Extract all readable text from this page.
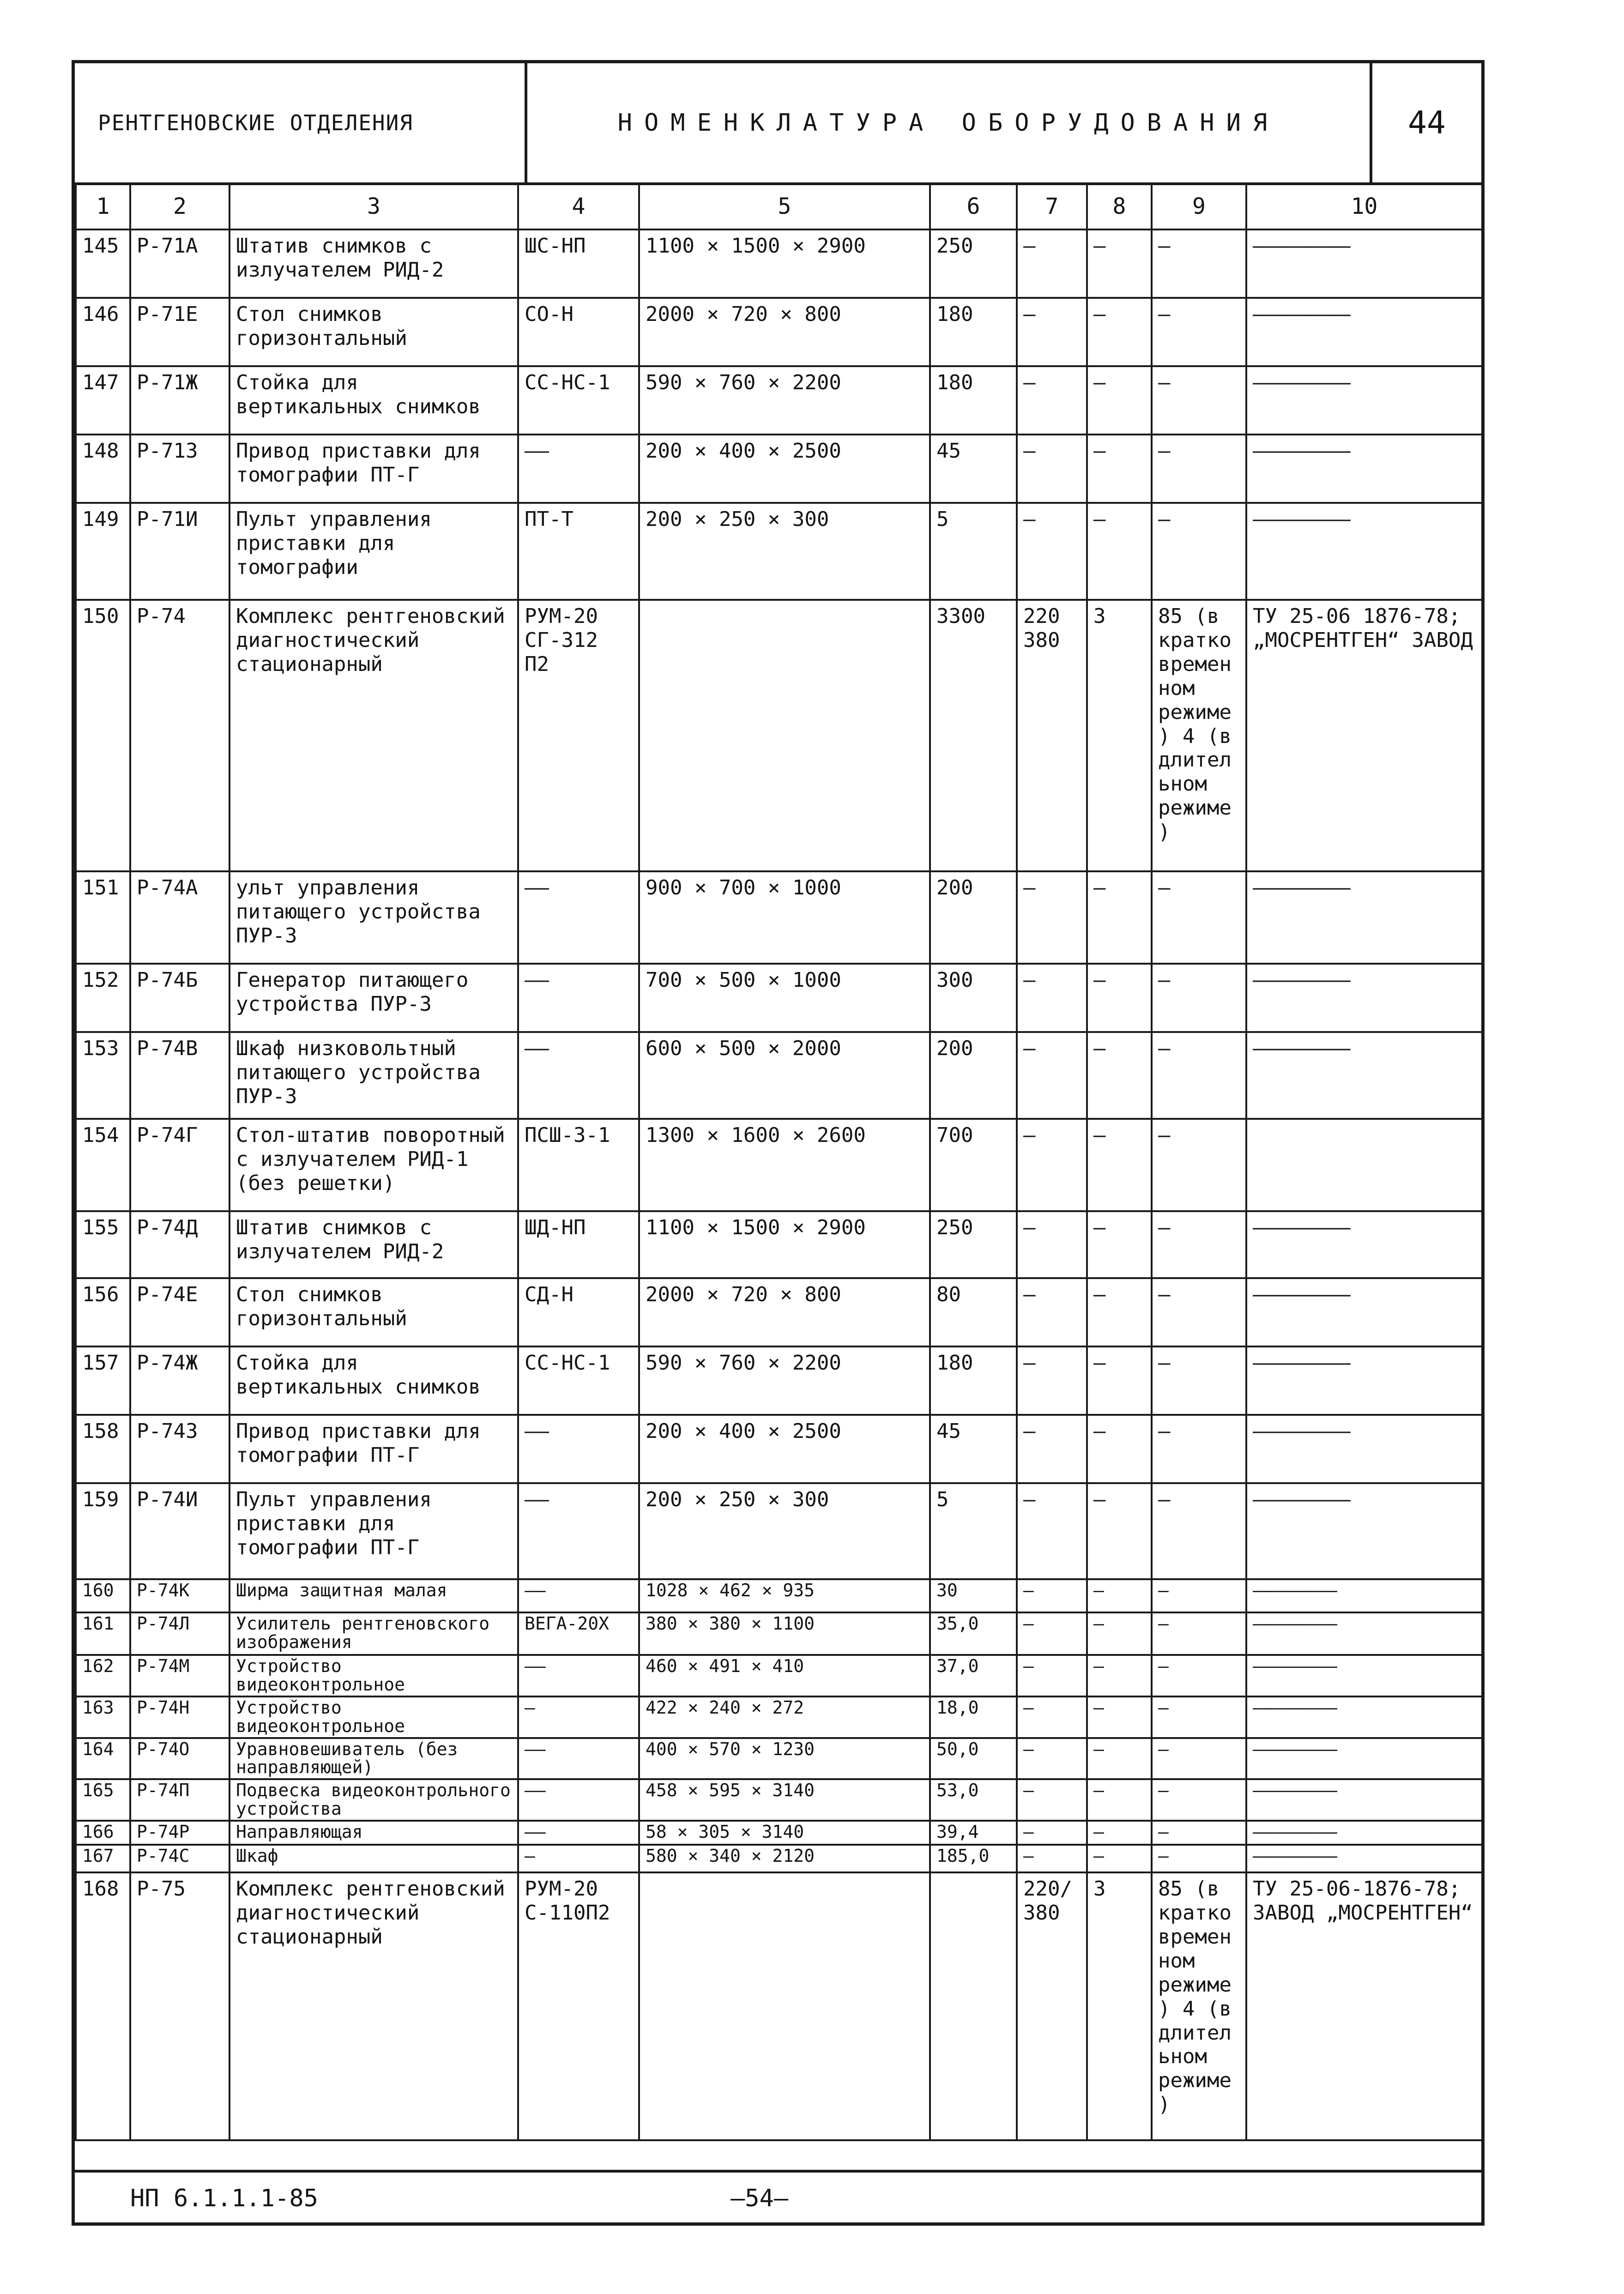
РЕНТГЕНОВСКИЕ ОТДЕЛЕНИЯ	НОМЕНКЛАТУРА ОБОРУДОВАНИЯ	44
1	2	3	4	5	6	7	8	9	10
145	Р-71А	Штатив снимков с излучателем РИД-2	ШС-НП	1100 × 1500 × 2900	250	—	—	—	————————
146	Р-71Е	Стол снимков горизонтальный	СО-Н	2000 × 720 × 800	180	—	—	—	————————
147	Р-71Ж	Стойка для вертикальных снимков	СС-НС-1	590 × 760 × 2200	180	—	—	—	————————
148	Р-71З	Привод приставки для томографии ПТ-Г	——	200 × 400 × 2500	45	—	—	—	————————
149	Р-71И	Пульт управления приставки для томографии	ПТ-Т	200 × 250 × 300	5	—	—	—	————————
150	Р-74	Комплекс рентгеновский диагностический стационарный	РУМ-20 СГ-312 П2		3300	220 380	3	85 (в кратковременном режиме) 4 (в длительном режиме)	ТУ 25-06 1876-78; „МОСРЕНТГЕН“ ЗАВОД
151	Р-74А	ульт управления питающего устройства ПУР-3	——	900 × 700 × 1000	200	—	—	—	————————
152	Р-74Б	Генератор питающего устройства ПУР-3	——	700 × 500 × 1000	300	—	—	—	————————
153	Р-74В	Шкаф низковольтный питающего устройства ПУР-3	——	600 × 500 × 2000	200	—	—	—	————————
154	Р-74Г	Стол-штатив поворотный с излучателем РИД-1 (без решетки)	ПСШ-3-1	1300 × 1600 × 2600	700	—	—	—	
155	Р-74Д	Штатив снимков с излучателем РИД-2	ШД-НП	1100 × 1500 × 2900	250	—	—	—	————————
156	Р-74Е	Стол снимков горизонтальный	СД-Н	2000 × 720 × 800	80	—	—	—	————————
157	Р-74Ж	Стойка для вертикальных снимков	СС-НС-1	590 × 760 × 2200	180	—	—	—	————————
158	Р-74З	Привод приставки для томографии ПТ-Г	——	200 × 400 × 2500	45	—	—	—	————————
159	Р-74И	Пульт управления приставки для томографии ПТ-Г	——	200 × 250 × 300	5	—	—	—	————————
160	Р-74К	Ширма защитная малая	——	1028 × 462 × 935	30	—	—	—	————————
161	Р-74Л	Усилитель рентгеновского изображения	ВЕГА-20Х	380 × 380 × 1100	35,0	—	—	—	————————
162	Р-74М	Устройство видеоконтрольное	——	460 × 491 × 410	37,0	—	—	—	————————
163	Р-74Н	Устройство видеоконтрольное	—	422 × 240 × 272	18,0	—	—	—	————————
164	Р-74О	Уравновешиватель (без направляющей)	——	400 × 570 × 1230	50,0	—	—	—	————————
165	Р-74П	Подвеска видеоконтрольного устройства	——	458 × 595 × 3140	53,0	—	—	—	————————
166	Р-74Р	Направляющая	——	58 × 305 × 3140	39,4	—	—	—	————————
167	Р-74С	Шкаф	—	580 × 340 × 2120	185,0	—	—	—	————————
168	Р-75	Комплекс рентгеновский диагностический стационарный	РУМ-20 С-110П2			220/380	3	85 (в кратковременном режиме) 4 (в длительном режиме)	ТУ 25-06-1876-78; ЗАВОД „МОСРЕНТГЕН“
НП 6.1.1.1-85	—54—
